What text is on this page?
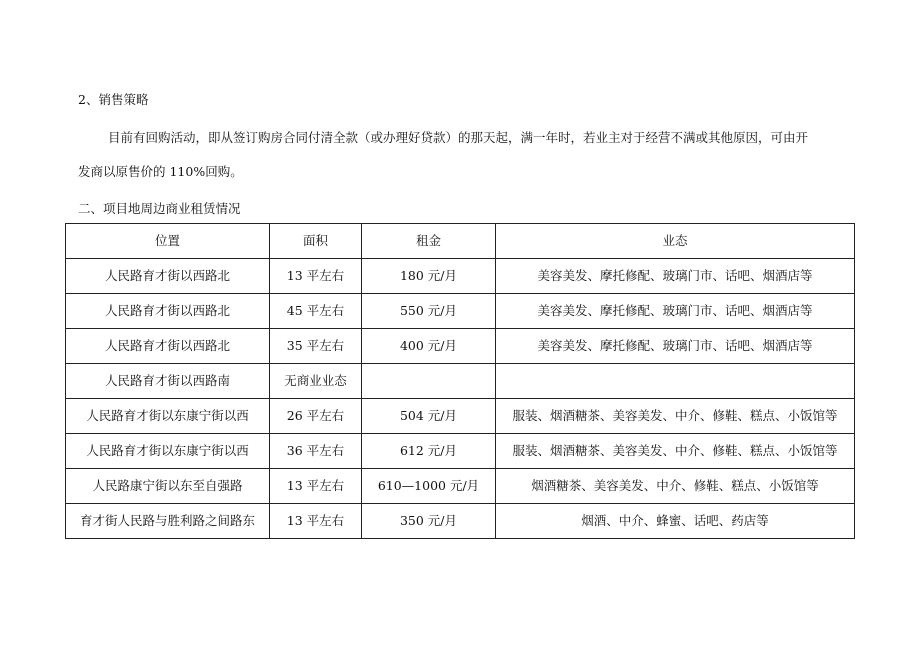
2、销售策略

目前有回购活动，即从签订购房合同付清全款（或办理好贷款）的那天起，满一年时，若业主对于经营不满或其他原因，可由开

发商以原售价的 110%回购。

二、项目地周边商业租赁情况

位置	面积	租金	业态
人民路育才街以西路北	13 平左右	180 元/月	美容美发、摩托修配、玻璃门市、话吧、烟酒店等
人民路育才街以西路北	45 平左右	550 元/月	美容美发、摩托修配、玻璃门市、话吧、烟酒店等
人民路育才街以西路北	35 平左右	400 元/月	美容美发、摩托修配、玻璃门市、话吧、烟酒店等
人民路育才街以西路南	无商业业态		
人民路育才街以东康宁街以西	26 平左右	504 元/月	服装、烟酒糖茶、美容美发、中介、修鞋、糕点、小饭馆等
人民路育才街以东康宁街以西	36 平左右	612 元/月	服装、烟酒糖茶、美容美发、中介、修鞋、糕点、小饭馆等
人民路康宁街以东至自强路	13 平左右	610—1000 元/月	烟酒糖茶、美容美发、中介、修鞋、糕点、小饭馆等
育才街人民路与胜利路之间路东	13 平左右	350 元/月	烟酒、中介、蜂蜜、话吧、药店等
